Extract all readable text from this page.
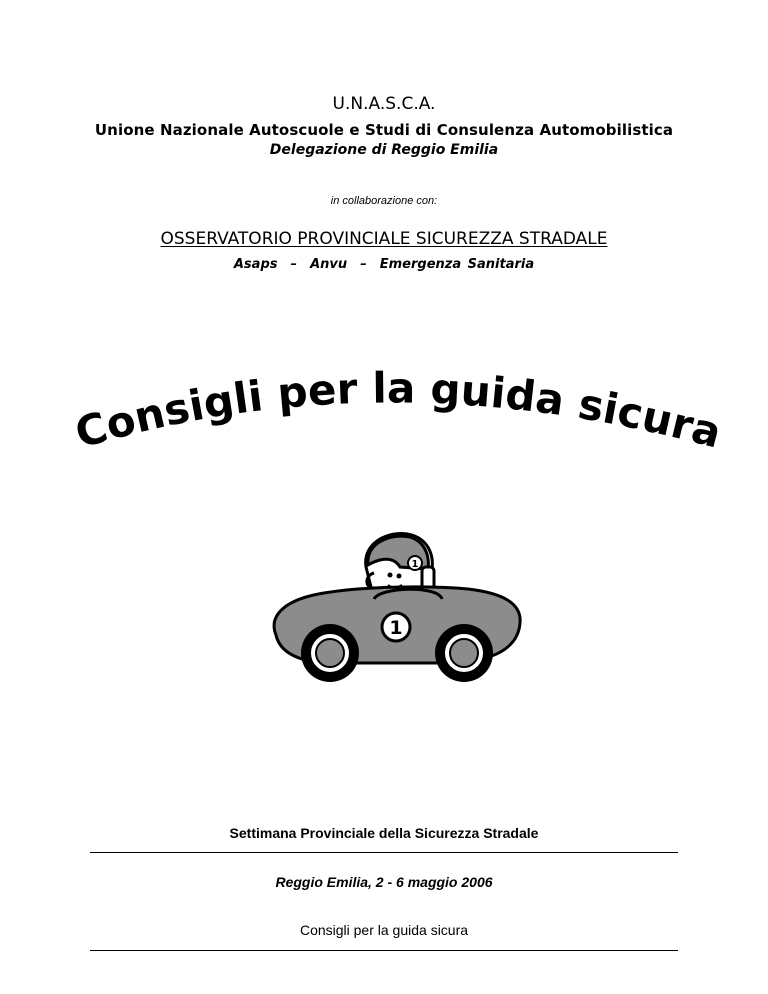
U.N.A.S.C.A.
Unione Nazionale Autoscuole e Studi di Consulenza Automobilistica
Delegazione di Reggio Emilia
in collaborazione con:
OSSERVATORIO PROVINCIALE SICUREZZA STRADALE
Asaps  –  Anvu  –  Emergenza Sanitaria
Consigli per la guida sicura
1
1
Settimana Provinciale della Sicurezza Stradale
Reggio Emilia, 2 - 6 maggio 2006
Consigli per la guida sicura
